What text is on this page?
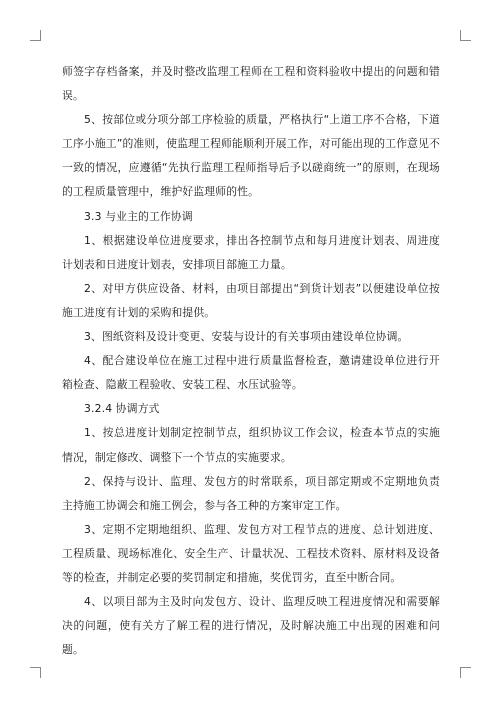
师签字存档备案，并及时整改监理工程师在工程和资料验收中提出的问题和错误。

5、按部位或分项分部工序检验的质量，严格执行“上道工序不合格，下道工序小施工”的准则，使监理工程师能顺利开展工作，对可能出现的工作意见不一致的情况，应遵循“先执行监理工程师指导后予以磋商统一”的原则，在现场的工程质量管理中，维护好监理师的性。

3.3 与业主的工作协调

1、根据建设单位进度要求，排出各控制节点和每月进度计划表、周进度计划表和日进度计划表，安排项目部施工力量。

2、对甲方供应设备、材料，由项目部提出“到货计划表”以便建设单位按施工进度有计划的采购和提供。

3、图纸资料及设计变更、安装与设计的有关事项由建设单位协调。

4、配合建设单位在施工过程中进行质量监督检查，邀请建设单位进行开箱检查、隐蔽工程验收、安装工程、水压试验等。

3.2.4 协调方式

1、按总进度计划制定控制节点，组织协议工作会议，检查本节点的实施情况，制定修改、调整下一个节点的实施要求。

2、保持与设计、监理、发包方的时常联系，项目部定期或不定期地负责主持施工协调会和施工例会，参与各工种的方案审定工作。

3、定期不定期地组织、监理、发包方对工程节点的进度、总计划进度、工程质量、现场标准化、安全生产、计量状况、工程技术资料、原材料及设备等的检查，并制定必要的奖罚制定和措施，奖优罚劣，直至中断合同。

4、以项目部为主及时向发包方、设计、监理反映工程进度情况和需要解决的问题，使有关方了解工程的进行情况，及时解决施工中出现的困难和问题。
